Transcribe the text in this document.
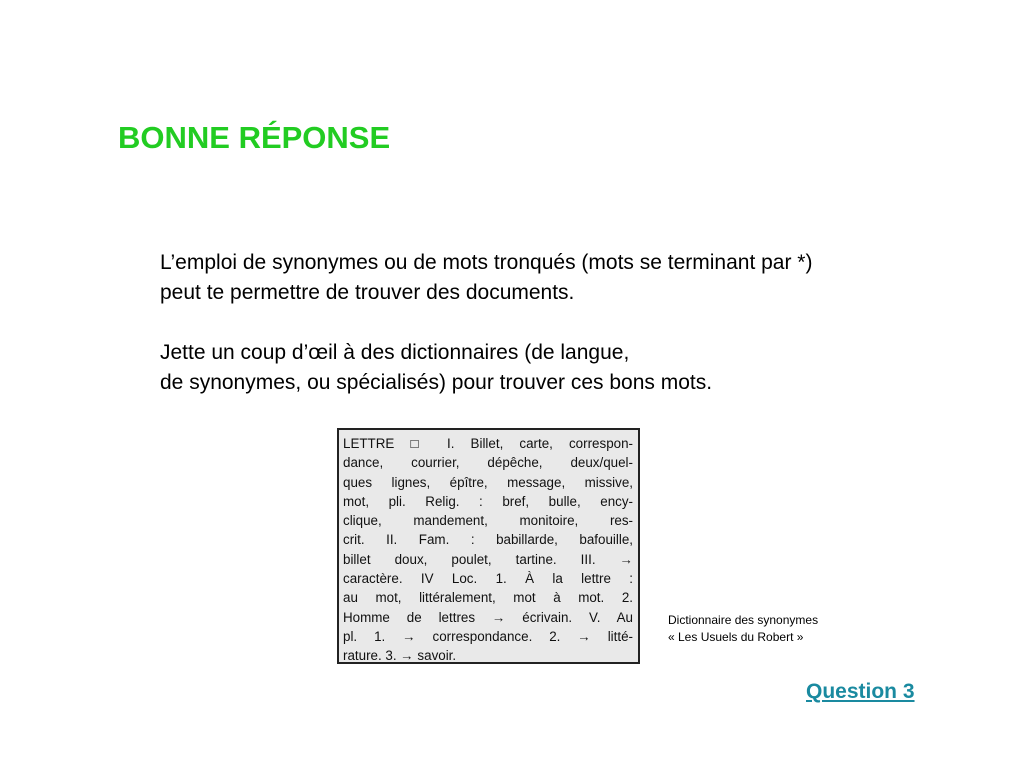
BONNE RÉPONSE

L’emploi de synonymes ou de mots tronqués (mots se terminant par *)
peut te permettre de trouver des documents.

Jette un coup d’œil à des dictionnaires (de langue,
de synonymes, ou spécialisés) pour trouver ces bons mots.

LETTRE □ I. Billet, carte, correspon-
dance, courrier, dépêche, deux/quel-
ques lignes, épître, message, missive,
mot, pli. Relig. : bref, bulle, ency-
clique, mandement, monitoire, res-
crit. II. Fam. : babillarde, bafouille,
billet doux, poulet, tartine. III. →
caractère. IV Loc. 1. À la lettre :
au mot, littéralement, mot à mot. 2.
Homme de lettres → écrivain. V. Au
pl. 1. → correspondance. 2. → litté-
rature. 3. → savoir.
Dictionnaire des synonymes
« Les Usuels du Robert »
Question 3
